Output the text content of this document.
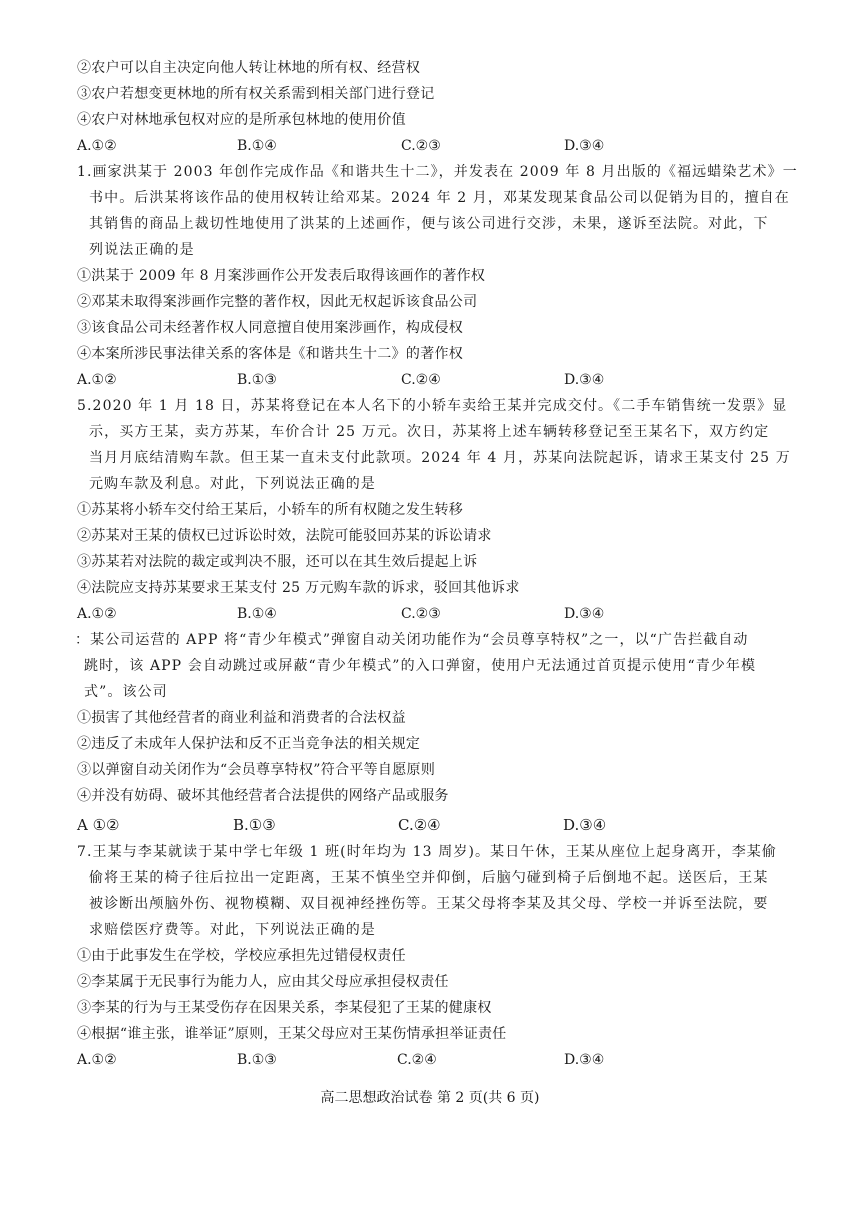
②农户可以自主决定向他人转让林地的所有权、经营权
③农户若想变更林地的所有权关系需到相关部门进行登记
④农户对林地承包权对应的是所承包林地的使用价值
A.①②	B.①④	C.②③	D.③④
1.画家洪某于 2003 年创作完成作品《和谐共生十二》，并发表在 2009 年 8 月出版的《福远蜡染艺术》一
书中。后洪某将该作品的使用权转让给邓某。2024 年 2 月，邓某发现某食品公司以促销为目的，擅自在
其销售的商品上裁切性地使用了洪某的上述画作，便与该公司进行交涉，未果，遂诉至法院。对此，下
列说法正确的是
①洪某于 2009 年 8 月案涉画作公开发表后取得该画作的著作权
②邓某未取得案涉画作完整的著作权，因此无权起诉该食品公司
③该食品公司未经著作权人同意擅自使用案涉画作，构成侵权
④本案所涉民事法律关系的客体是《和谐共生十二》的著作权
A.①②	B.①③	C.②④	D.③④
5.2020 年 1 月 18 日，苏某将登记在本人名下的小轿车卖给王某并完成交付。《二手车销售统一发票》显
示，买方王某，卖方苏某，车价合计 25 万元。次日，苏某将上述车辆转移登记至王某名下，双方约定
当月月底结清购车款。但王某一直未支付此款项。2024 年 4 月，苏某向法院起诉，请求王某支付 25 万
元购车款及利息。对此，下列说法正确的是
①苏某将小轿车交付给王某后，小轿车的所有权随之发生转移
②苏某对王某的债权已过诉讼时效，法院可能驳回苏某的诉讼请求
③苏某若对法院的裁定或判决不服，还可以在其生效后提起上诉
④法院应支持苏某要求王某支付 25 万元购车款的诉求，驳回其他诉求
A.①②	B.①④	C.②③	D.③④
：某公司运营的 APP 将“青少年模式”弹窗自动关闭功能作为“会员尊享特权”之一，以“广告拦截自动
跳时，该 APP 会自动跳过或屏蔽“青少年模式”的入口弹窗，使用户无法通过首页提示使用“青少年模
式”。该公司
①损害了其他经营者的商业利益和消费者的合法权益
②违反了未成年人保护法和反不正当竞争法的相关规定
③以弹窗自动关闭作为“会员尊享特权”符合平等自愿原则
④并没有妨碍、破坏其他经营者合法提供的网络产品或服务
A ①②	B.①③	C.②④	D.③④
7.王某与李某就读于某中学七年级 1 班(时年均为 13 周岁)。某日午休，王某从座位上起身离开，李某偷
偷将王某的椅子往后拉出一定距离，王某不慎坐空并仰倒，后脑勺碰到椅子后倒地不起。送医后，王某
被诊断出颅脑外伤、视物模糊、双目视神经挫伤等。王某父母将李某及其父母、学校一并诉至法院，要
求赔偿医疗费等。对此，下列说法正确的是
①由于此事发生在学校，学校应承担先过错侵权责任
②李某属于无民事行为能力人，应由其父母应承担侵权责任
③李某的行为与王某受伤存在因果关系，李某侵犯了王某的健康权
④根据“谁主张，谁举证”原则，王某父母应对王某伤情承担举证责任
A.①②	B.①③	C.②④	D.③④
高二思想政治试卷 第 2 页(共 6 页)
